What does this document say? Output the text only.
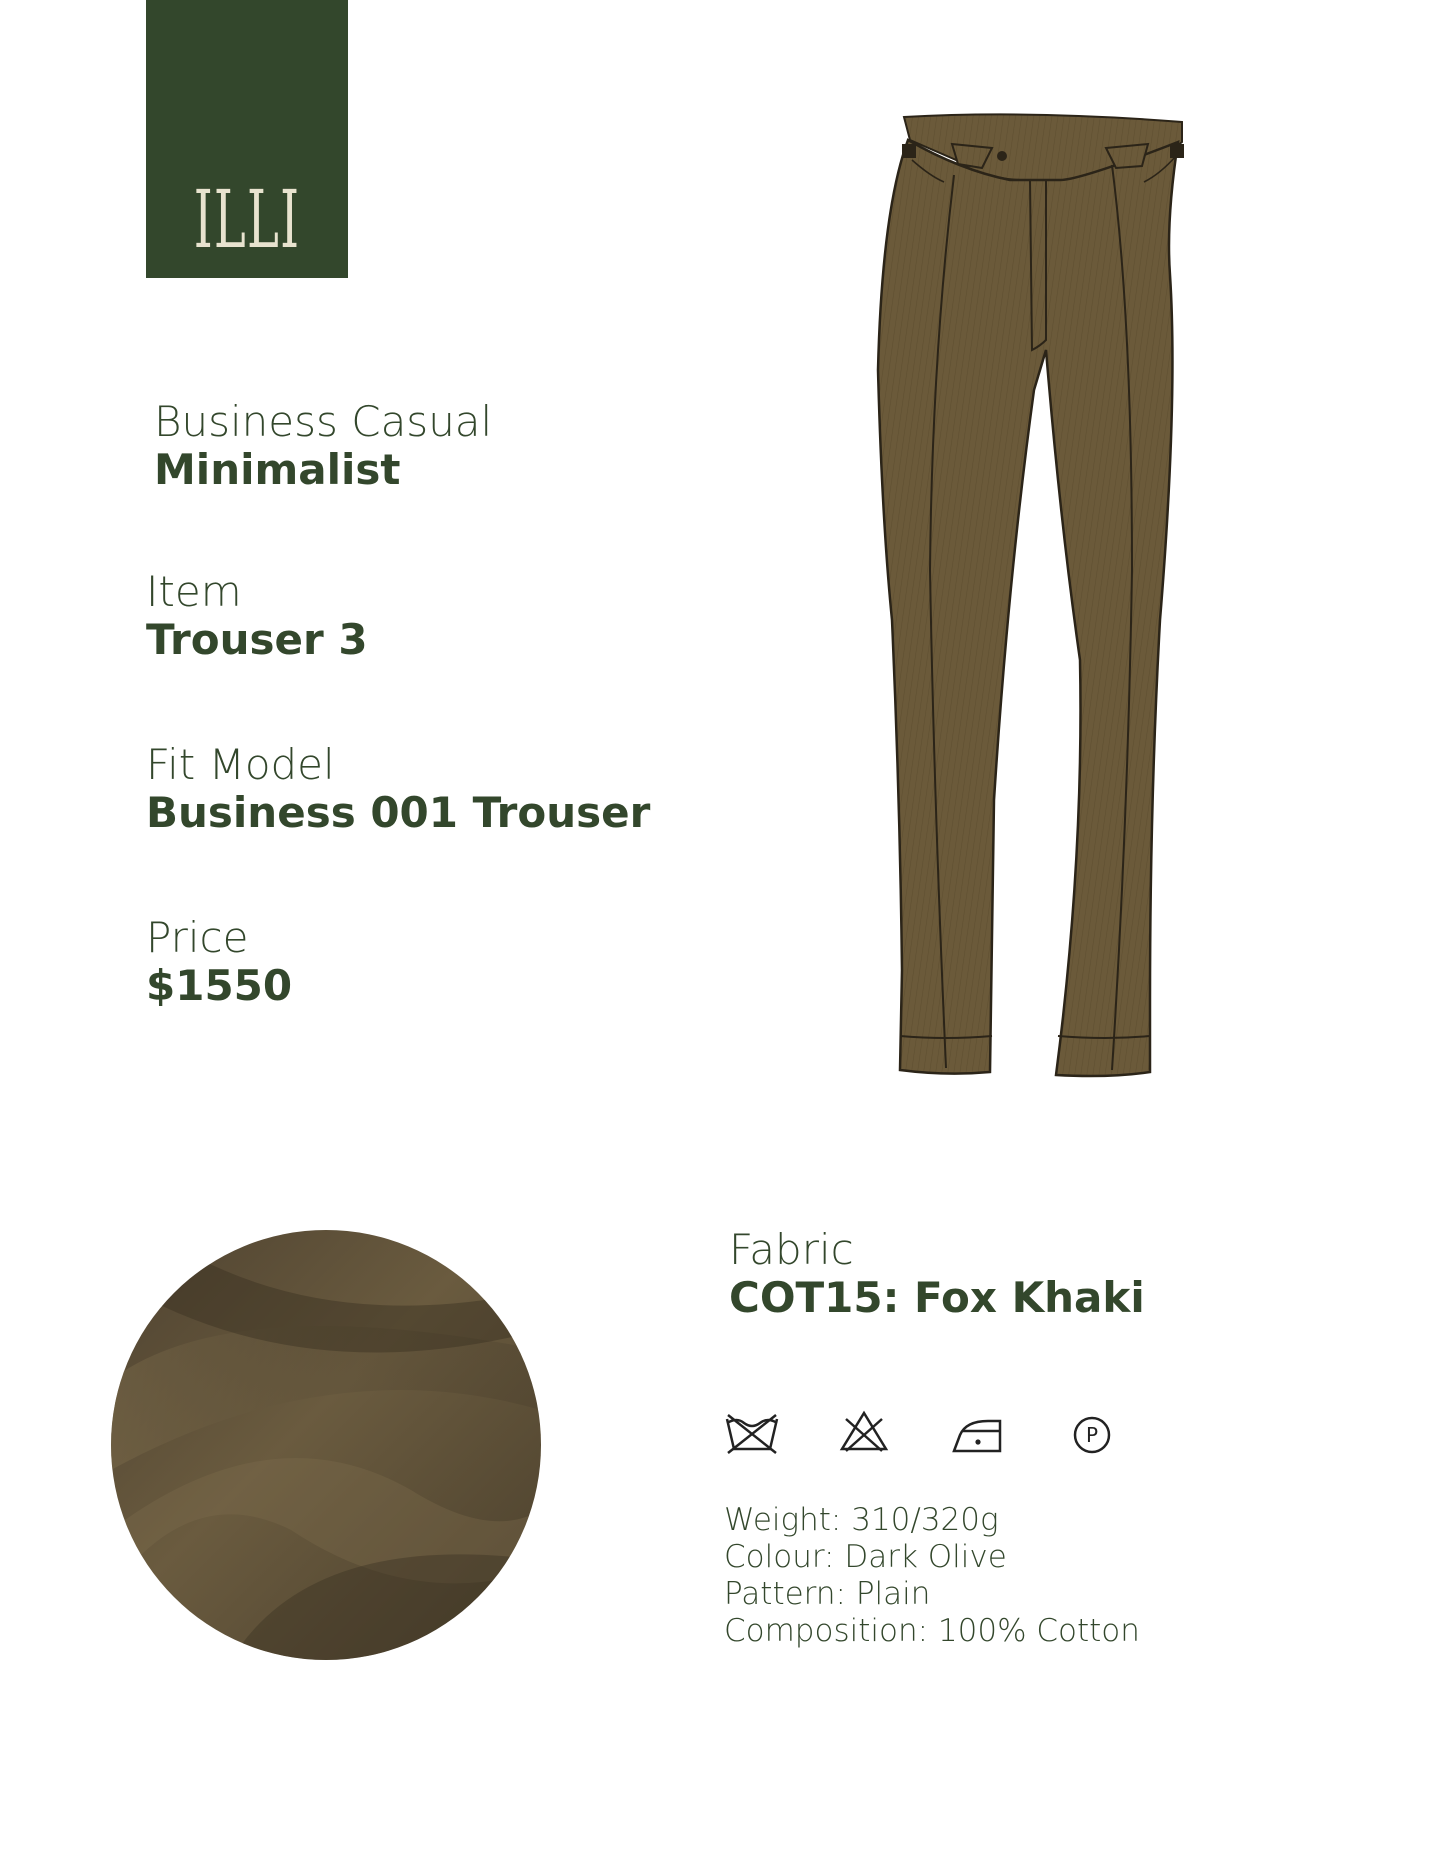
ILLI
Business Casual
Minimalist
Item
Trouser 3
Fit Model
Business 001 Trouser
Price
$1550
Fabric
COT15: Fox Khaki
P
Weight: 310/320g
Colour: Dark Olive
Pattern: Plain
Composition: 100% Cotton
